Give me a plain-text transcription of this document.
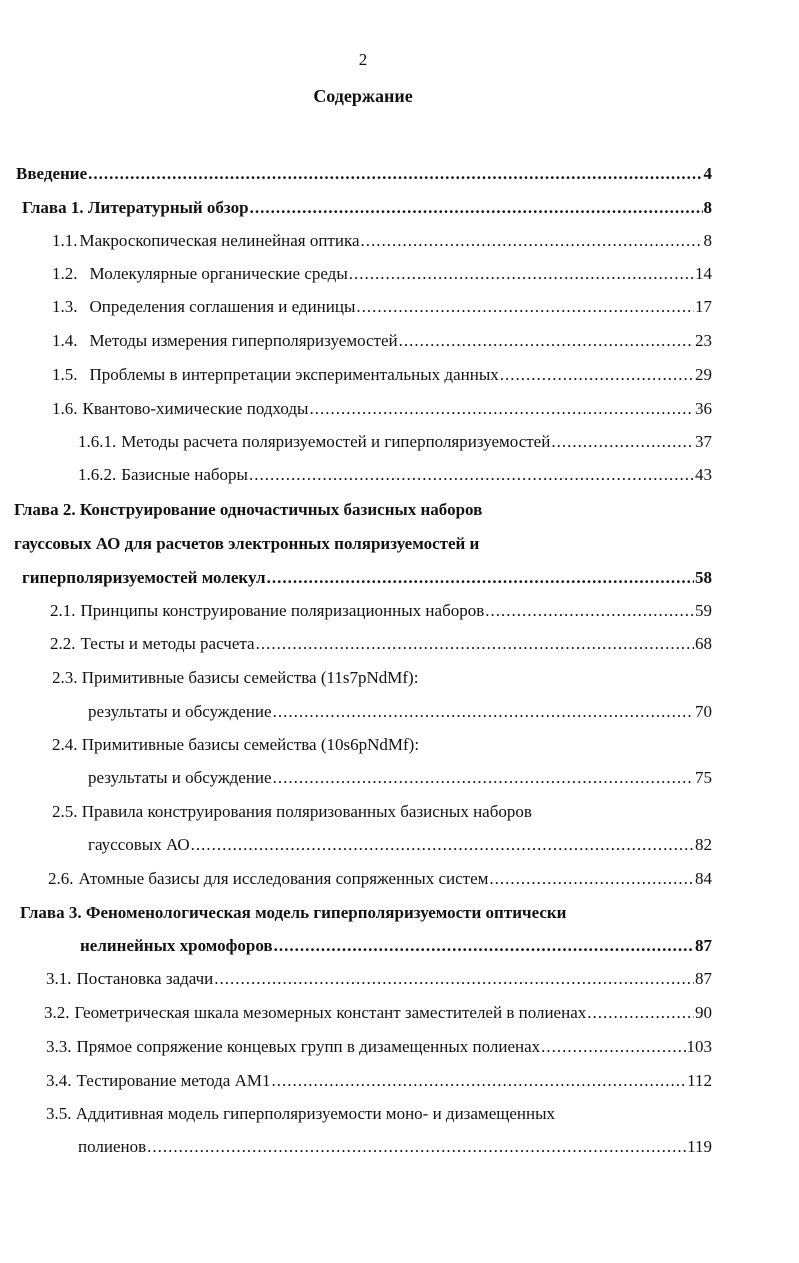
2
Содержание
Введение .....	4
Глава 1. Литературный обзор .....	8
1.1. Макроскопическая нелинейная оптика .....	8
1.2. Молекулярные органические среды .....	14
1.3. Определения соглашения и единицы .....	17
1.4. Методы измерения гиперполяризуемостей .....	23
1.5. Проблемы в интерпретации экспериментальных данных .....	29
1.6. Квантово-химические подходы .....	36
1.6.1. Методы расчета поляризуемостей и гиперполяризуемостей .....	37
1.6.2. Базисные наборы .....	43
Глава 2. Конструирование одночастичных базисных наборов
гауссовых АО для расчетов электронных поляризуемостей и
гиперполяризуемостей молекул .....	58
2.1. Принципы конструирование поляризационных наборов .....	59
2.2. Тесты и методы расчета .....	68
2.3. Примитивные базисы семейства (11s7pNdMf):
результаты и обсуждение .....	70
2.4. Примитивные базисы семейства (10s6pNdMf):
результаты и обсуждение .....	75
2.5. Правила конструирования поляризованных базисных наборов
гауссовых АО .....	82
2.6. Атомные базисы для исследования сопряженных систем .....	84
Глава 3. Феноменологическая модель гиперполяризуемости оптически
нелинейных хромофоров .....	87
3.1. Постановка задачи .....	87
3.2. Геометрическая шкала мезомерных констант заместителей в полиенах .....	90
3.3. Прямое сопряжение концевых групп в дизамещенных полиенах .....	103
3.4. Тестирование метода АМ1 .....	112
3.5. Аддитивная модель гиперполяризуемости моно- и дизамещенных
полиенов .....	119
